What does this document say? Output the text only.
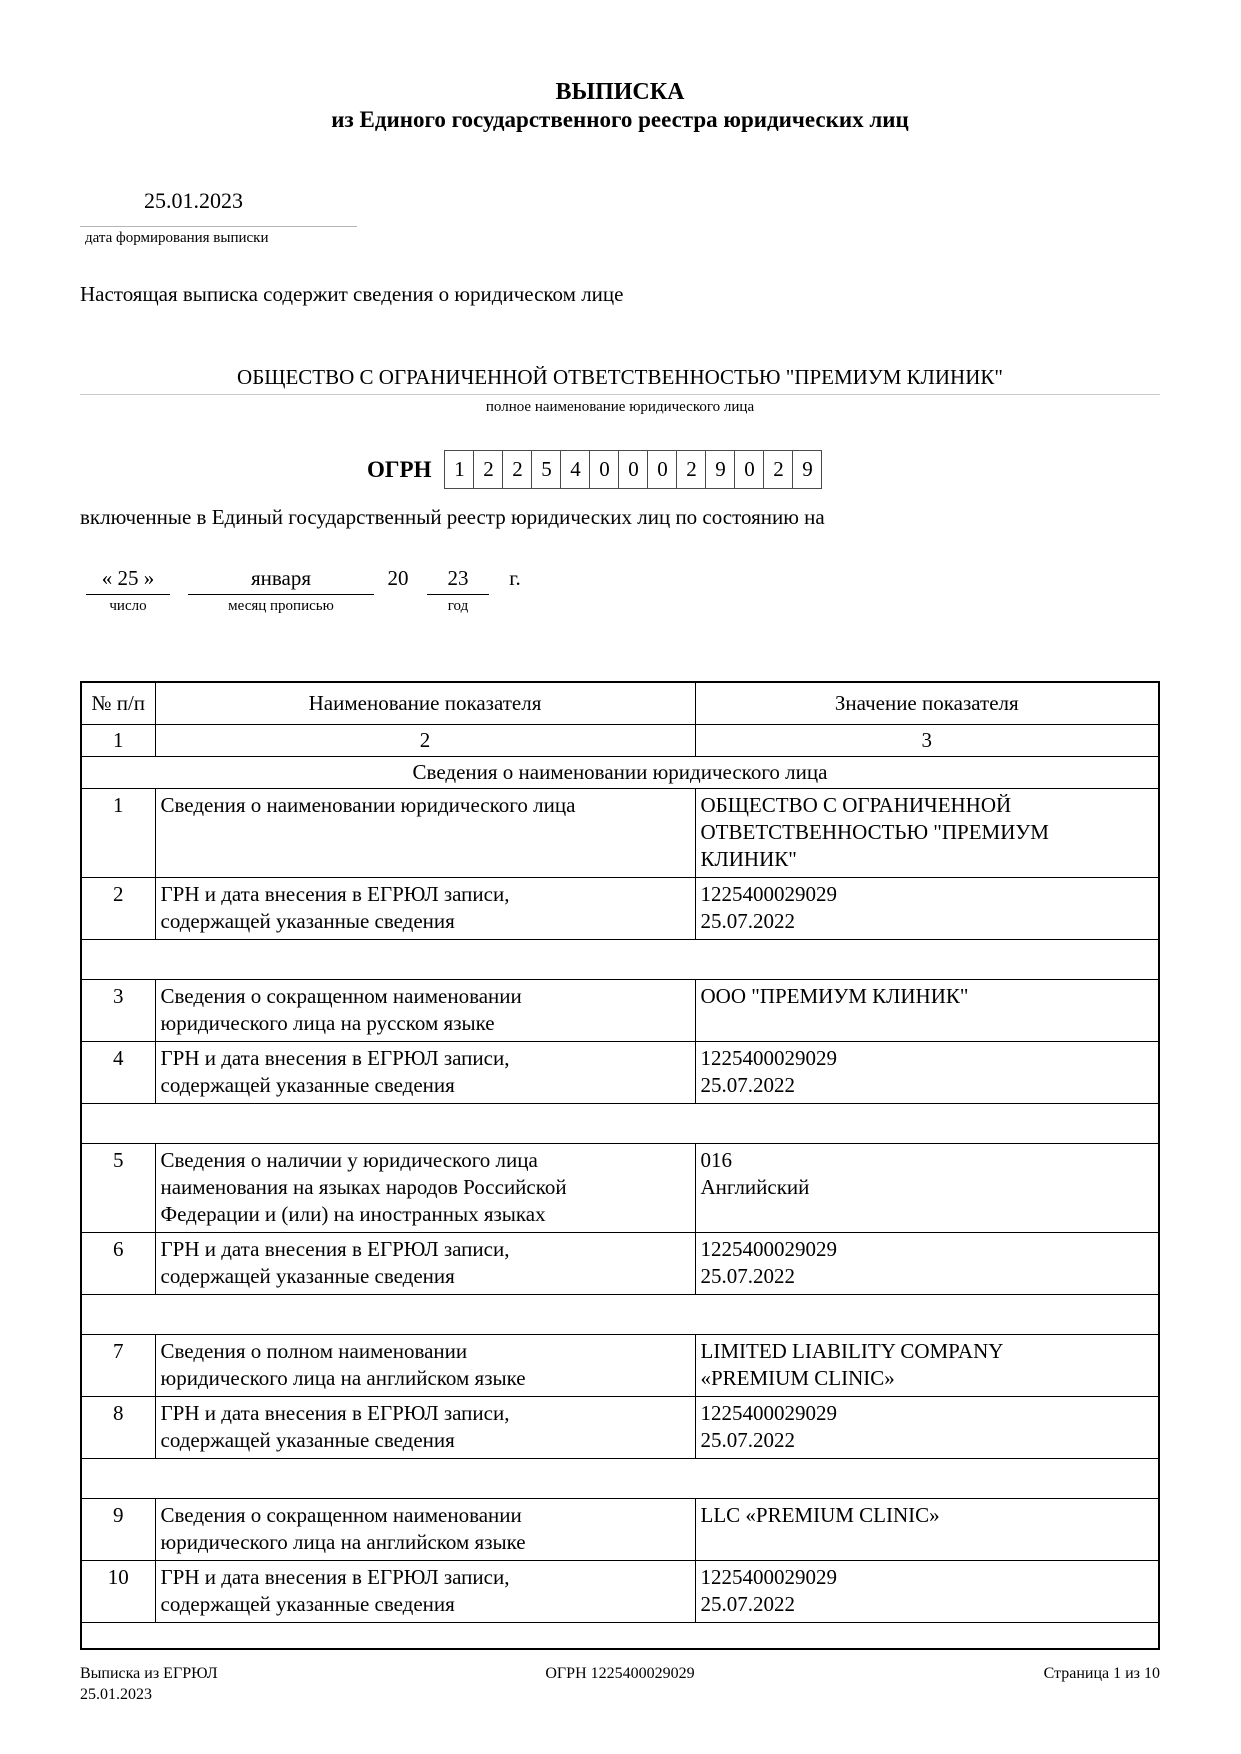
ВЫПИСКА
из Единого государственного реестра юридических лиц
25.01.2023
дата формирования выписки
Настоящая выписка содержит сведения о юридическом лице
ОБЩЕСТВО С ОГРАНИЧЕННОЙ ОТВЕТСТВЕННОСТЬЮ "ПРЕМИУМ КЛИНИК"
полное наименование юридического лица
ОГРН	1 2 2 5 4 0 0 0 2 9 0 2 9
включенные в Единый государственный реестр юридических лиц по состоянию на
« 25 »
число
января
месяц прописью
20	23
год
г.
№ п/п	Наименование показателя	Значение показателя
1	2	3
Сведения о наименовании юридического лица		
1	Сведения о наименовании юридического лица	ОБЩЕСТВО С ОГРАНИЧЕННОЙ
ОТВЕТСТВЕННОСТЬЮ "ПРЕМИУМ
КЛИНИК"

2	ГРН и дата внесения в ЕГРЮЛ записи,
содержащей указанные сведения

1225400029029
25.07.2022

3	Сведения о сокращенном наименовании
юридического лица на русском языке	ООО "ПРЕМИУМ КЛИНИК"

4	ГРН и дата внесения в ЕГРЮЛ записи,
содержащей указанные сведения

1225400029029
25.07.2022

5	Сведения о наличии у юридического лица
наименования на языках народов Российской
Федерации и (или) на иностранных языках

016
Английский

6	ГРН и дата внесения в ЕГРЮЛ записи,
содержащей указанные сведения

1225400029029
25.07.2022

7	Сведения о полном наименовании
юридического лица на английском языке

LIMITED LIABILITY COMPANY
«PREMIUM CLINIC»

8	ГРН и дата внесения в ЕГРЮЛ записи,
содержащей указанные сведения

1225400029029
25.07.2022

9	Сведения о сокращенном наименовании
юридического лица на английском языке	LLC «PREMIUM CLINIC»

10	ГРН и дата внесения в ЕГРЮЛ записи,
содержащей указанные сведения

1225400029029
25.07.2022

Выписка из ЕГРЮЛ
25.01.2023
ОГРН 1225400029029	Страница 1 из 10
